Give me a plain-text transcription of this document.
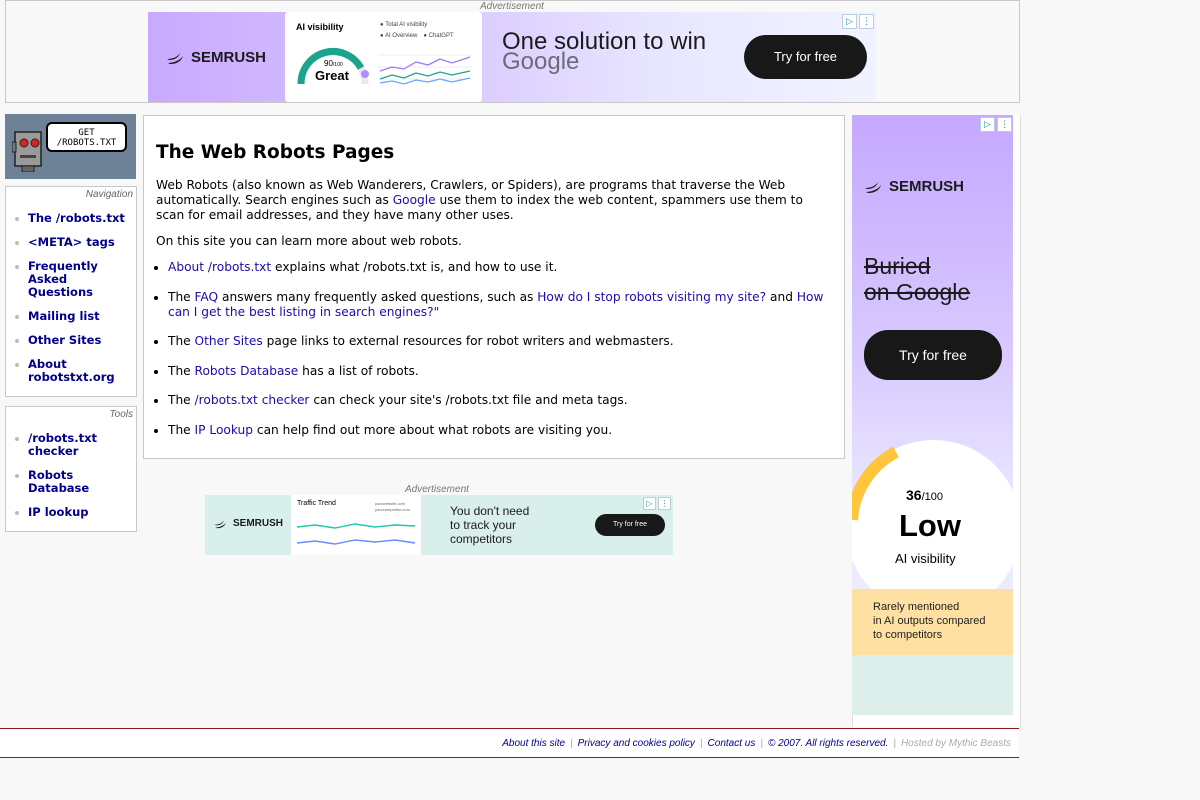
Advertisement
SEMRUSH
AI visibility	● Total AI visibility
● AI Overview	● ChatGPT
90/100
Great
One solution to win
Google	Try for free
▷	⋮
GET
/ROBOTS.TXT
Navigation
The /robots.txt
<META> tags
Frequently Asked Questions
Mailing list
Other Sites
About robotstxt.org
Tools
/robots.txt checker
Robots Database
IP lookup
The Web Robots Pages

Web Robots (also known as Web Wanderers, Crawlers, or Spiders), are programs that traverse the Web automatically. Search engines such as Google use them to index the web content, spammers use them to scan for email addresses, and they have many other uses.

On this site you can learn more about web robots.

• About /robots.txt explains what /robots.txt is, and how to use it.
• The FAQ answers many frequently asked questions, such as How do I stop robots visiting my site? and How can I get the best listing in search engines?"
• The Other Sites page links to external resources for robot writers and webmasters.
• The Robots Database has a list of robots.
• The /robots.txt checker can check your site's /robots.txt file and meta tags.
• The IP Lookup can help find out more about what robots are visiting you.
Advertisement
SEMRUSH
Traffic Trend	yourwebsite.com
yourcompetitor.com	You don't need
to track your
competitors
Try for free
▷ ⋮
SEMRUSH
Buried
on Google
Try for free
36/100
Low
AI visibility
Rarely mentioned
in AI outputs compared
to competitors
▷	⋮
About this site | Privacy and cookies policy | Contact us | © 2007. All rights reserved. | Hosted by Mythic Beasts
